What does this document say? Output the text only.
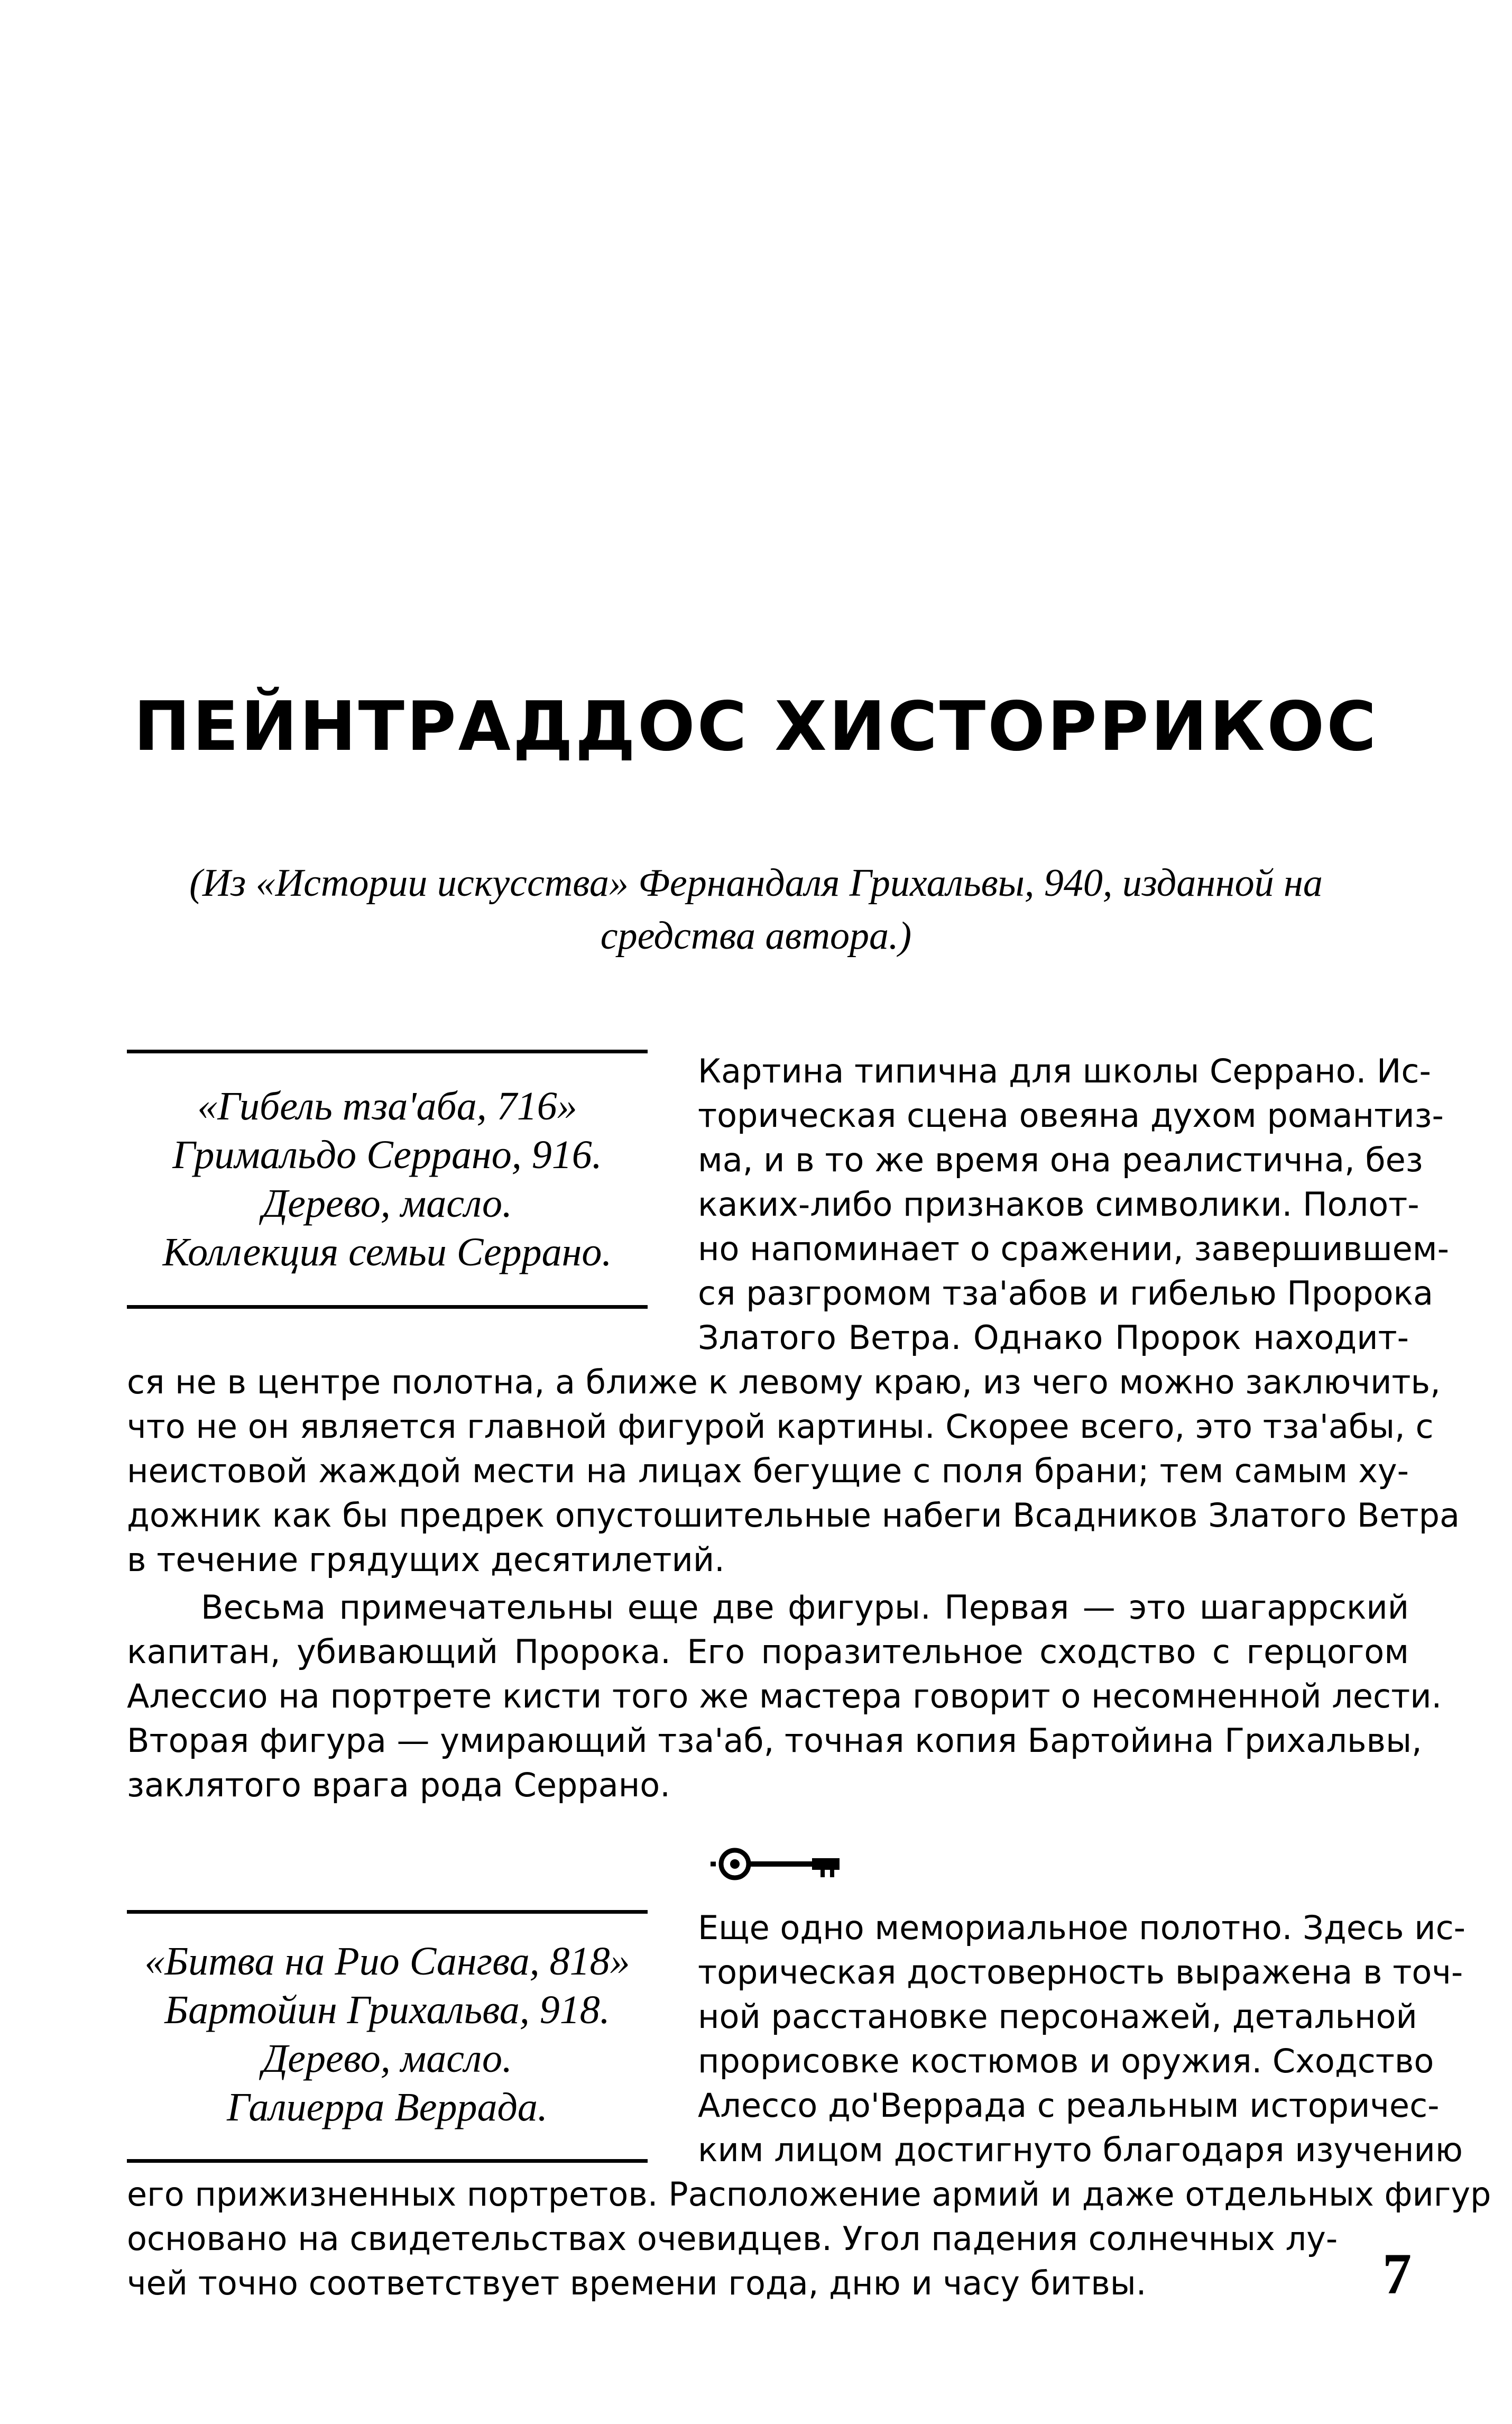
ПЕЙНТРАДДОС ХИСТОРРИКОС
(Из «Истории искусства» Фернандаля Грихальвы, 940, изданной на
средства автора.)
«Гибель тза'аба, 716»
Гримальдо Серрано, 916.
Дерево, масло.
Коллекция семьи Серрано.
Картина типична для школы Серрано. Ис-
торическая сцена овеяна духом романтиз-
ма, и в то же время она реалистична, без
каких-либо признаков символики. Полот-
но напоминает о сражении, завершившем-
ся разгромом тза'абов и гибелью Пророка
Златого Ветра. Однако Пророк находит-
ся не в центре полотна, а ближе к левому краю, из чего можно заключить,
что не он является главной фигурой картины. Скорее всего, это тза'абы, с
неистовой жаждой мести на лицах бегущие с поля брани; тем самым ху-
дожник как бы предрек опустошительные набеги Всадников Златого Ветра
в течение грядущих десятилетий.
Весьма примечательны еще две фигуры. Первая — это шагаррский
капитан, убивающий Пророка. Его поразительное сходство с герцогом
Алессио на портрете кисти того же мастера говорит о несомненной лести.
Вторая фигура — умирающий тза'аб, точная копия Бартойина Грихальвы,
заклятого врага рода Серрано.
«Битва на Рио Сангва, 818»
Бартойин Грихальва, 918.
Дерево, масло.
Галиерра Веррада.
Еще одно мемориальное полотно. Здесь ис-
торическая достоверность выражена в точ-
ной расстановке персонажей, детальной
прорисовке костюмов и оружия. Сходство
Алессо до'Веррада с реальным историчес-
ким лицом достигнуто благодаря изучению
его прижизненных портретов. Расположение армий и даже отдельных фигур
основано на свидетельствах очевидцев. Угол падения солнечных лу-
чей точно соответствует времени года, дню и часу битвы.	7
